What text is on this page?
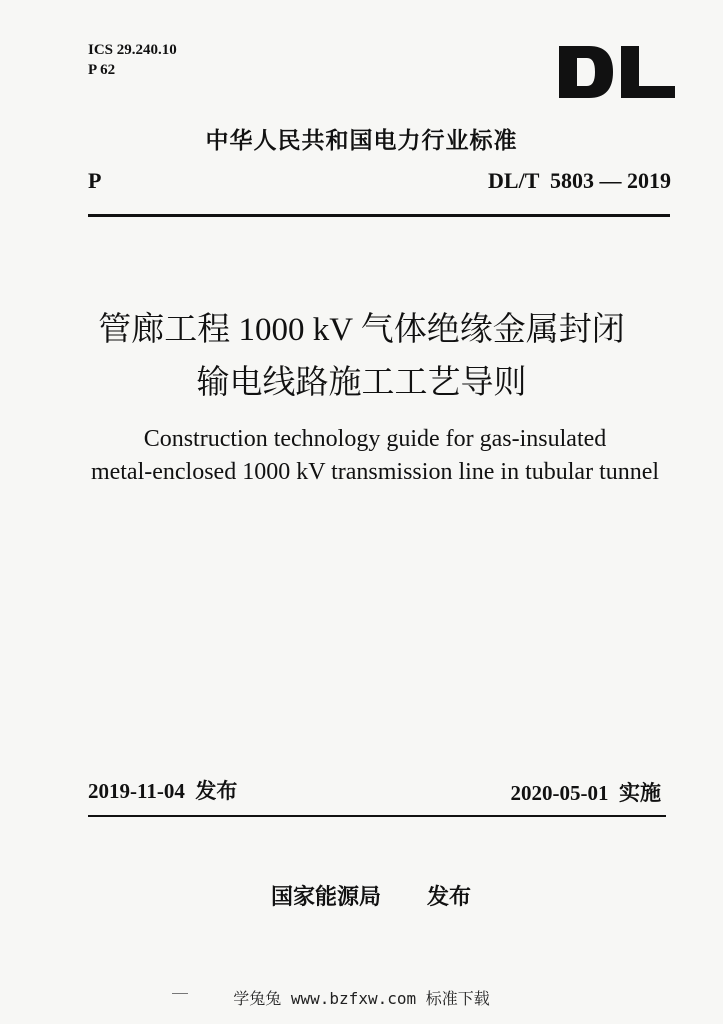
ICS 29.240.10
P 62
中华人民共和国电力行业标准
P	DL/T  5803 — 2019
管廊工程 1000 kV 气体绝缘金属封闭
输电线路施工工艺导则
Construction technology guide for gas-insulated
metal-enclosed 1000 kV transmission line in tubular tunnel
2019-11-04  发布	2020-05-01  实施
国家能源局 发布
学兔兔 www.bzfxw.com 标准下载
